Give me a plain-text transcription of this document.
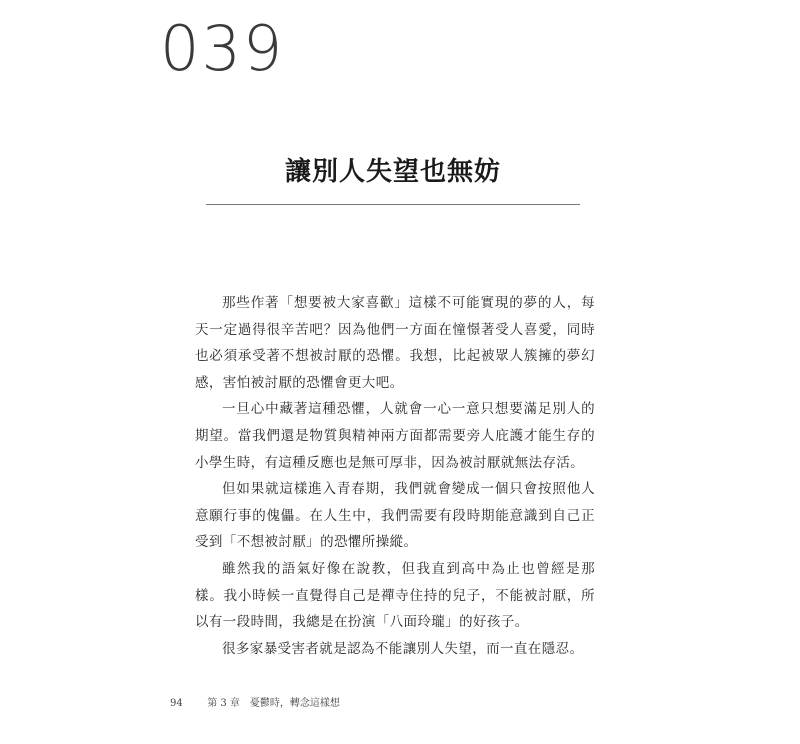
039
讓別人失望也無妨

那些作著「想要被大家喜歡」這樣不可能實現的夢的人，每天一定過得很辛苦吧？因為他們一方面在憧憬著受人喜愛，同時也必須承受著不想被討厭的恐懼。我想，比起被眾人簇擁的夢幻感，害怕被討厭的恐懼會更大吧。

一旦心中藏著這種恐懼，人就會一心一意只想要滿足別人的期望。當我們還是物質與精神兩方面都需要旁人庇護才能生存的小學生時，有這種反應也是無可厚非，因為被討厭就無法存活。

但如果就這樣進入青春期，我們就會變成一個只會按照他人意願行事的傀儡。在人生中，我們需要有段時期能意識到自己正受到「不想被討厭」的恐懼所操縱。

雖然我的語氣好像在說教，但我直到高中為止也曾經是那樣。我小時候一直覺得自己是禪寺住持的兒子，不能被討厭，所以有一段時間，我總是在扮演「八面玲瓏」的好孩子。

很多家暴受害者就是認為不能讓別人失望，而一直在隱忍。

94 第 3 章　憂鬱時，轉念這樣想
